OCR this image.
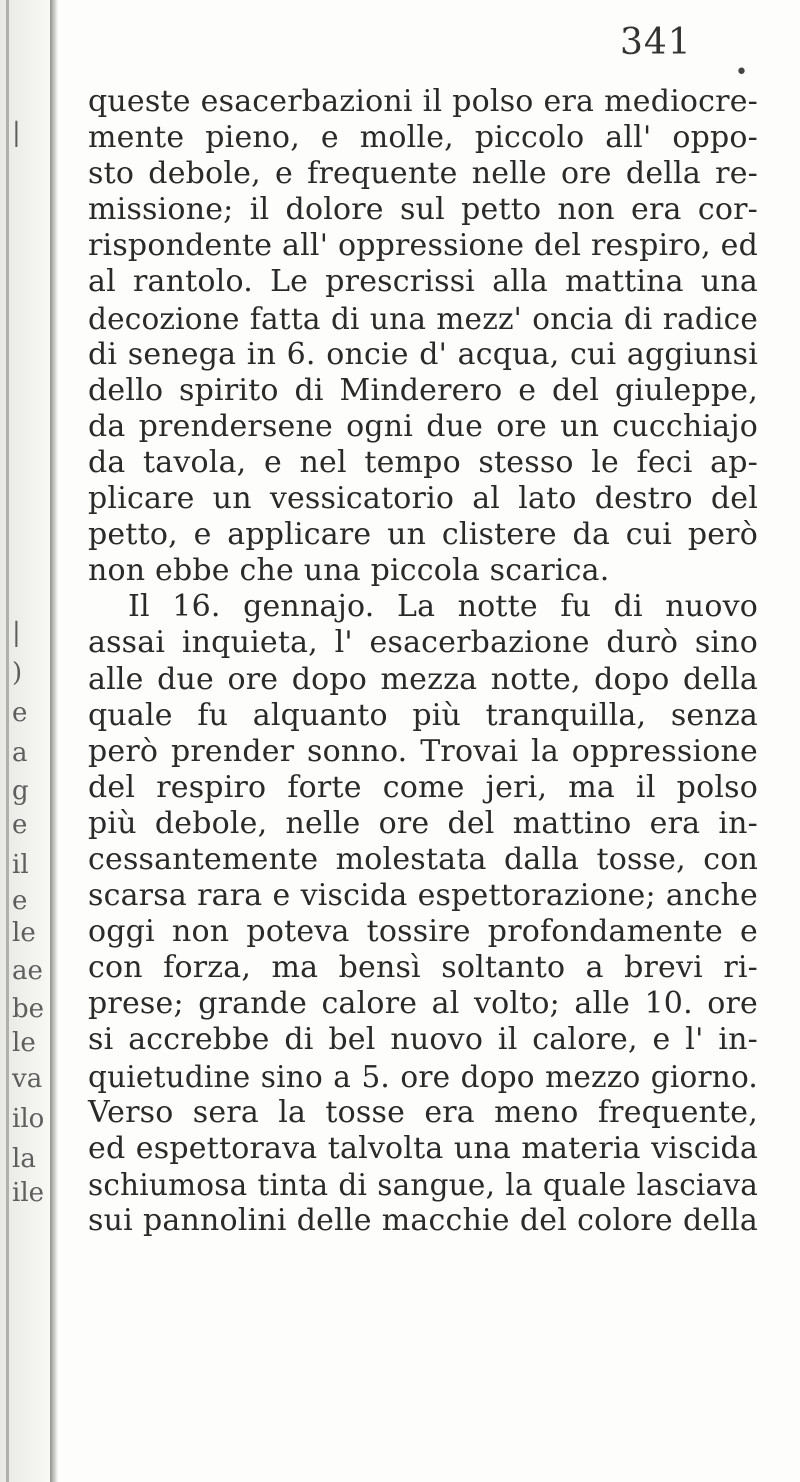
|
|
)
e
a
g
e
il
e
le
ae
be
le
va
ilo
la
ile
341
•
queste esacerbazioni il polso era mediocre-
mente pieno, e molle, piccolo all' oppo-
sto debole, e frequente nelle ore della re-
missione; il dolore sul petto non era cor-
rispondente all' oppressione del respiro, ed
al rantolo. Le prescrissi alla mattina una
decozione fatta di una mezz' oncia di radice
di senega in 6. oncie d' acqua, cui aggiunsi
dello spirito di Minderero e del giuleppe,
da prendersene ogni due ore un cucchiajo
da tavola, e nel tempo stesso le feci ap-
plicare un vessicatorio al lato destro del
petto, e applicare un clistere da cui però
non ebbe che una piccola scarica.
Il 16. gennajo. La notte fu di nuovo
assai inquieta, l' esacerbazione durò sino
alle due ore dopo mezza notte, dopo della
quale fu alquanto più tranquilla, senza
però prender sonno. Trovai la oppressione
del respiro forte come jeri, ma il polso
più debole, nelle ore del mattino era in-
cessantemente molestata dalla tosse, con
scarsa rara e viscida espettorazione; anche
oggi non poteva tossire profondamente e
con forza, ma bensì soltanto a brevi ri-
prese; grande calore al volto; alle 10. ore
si accrebbe di bel nuovo il calore, e l' in-
quietudine sino a 5. ore dopo mezzo giorno.
Verso sera la tosse era meno frequente,
ed espettorava talvolta una materia viscida
schiumosa tinta di sangue, la quale lasciava
sui pannolini delle macchie del colore della
